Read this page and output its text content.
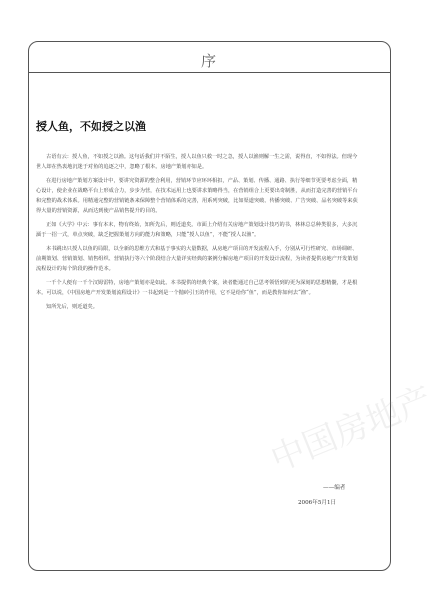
序
授人鱼，不如授之以渔

古语有云：授人鱼，不如授之以渔。这句话我们并不陌生，授人以鱼只救一时之急，授人以渔则解一生之需，说得直，不如得法。但现今世人却在热衷地沉迷于对鱼的追逐之中，忽略了根本。房地产策划亦如是。

在进行房地产策划方案设计中，要讲究资源的整合利用，营销环节应环环相扣，产品、策划、传播、通路、执行等细节更要考虑全面，精心设计，使企业在战略平台上形成合力，步步为营，在技术运用上也要讲求策略得当，在营销组合上更要出奇制胜，从而打造完善的营销平台和完整的战术体系。用精通完整的营销链条来保障整个营销体系的完善，用系列突破，比如渠道突破、传播突破、广告突破、品名突破等来获得大量的营销资源，从而达到使产品销售提升的目的。

正如《大学》中云：事有本末，物有终始，知所先后，则近道矣。市面上介绍有关房地产策划设计技巧的书，林林总总种类很多，大多沉湎于一招一式，单点突破，缺乏把握策划方向的能力和策略，只能“授人以鱼”，不能“授人以渔”。

本书跳出只授人以鱼的局限，以全新的思维方式和基于事实的大量数据，从房地产项目的开发流程入手，分别从可行性研究、市场调研、前期策划、营销策划、销售组织、营销执行等六个阶段结合大量详实经典的案例分解房地产项目的开发设计流程，为读者提供房地产开发策划流程设计的每个阶段的操作范本。

一千个人便有一千个汉姆雷特，房地产策划亦是如此。本书提供的经典个案，读者能通过自己思考领悟到的更为深刻的思想精髓，才是根本。可以说，《中国房地产开发策划流程设计》一书起到是一个抛砖引玉的作用，它不是给你“鱼”，而是教你如何去“渔”。

知所先后，则近道矣。

——编者
2006年5月1日
中国房地产
